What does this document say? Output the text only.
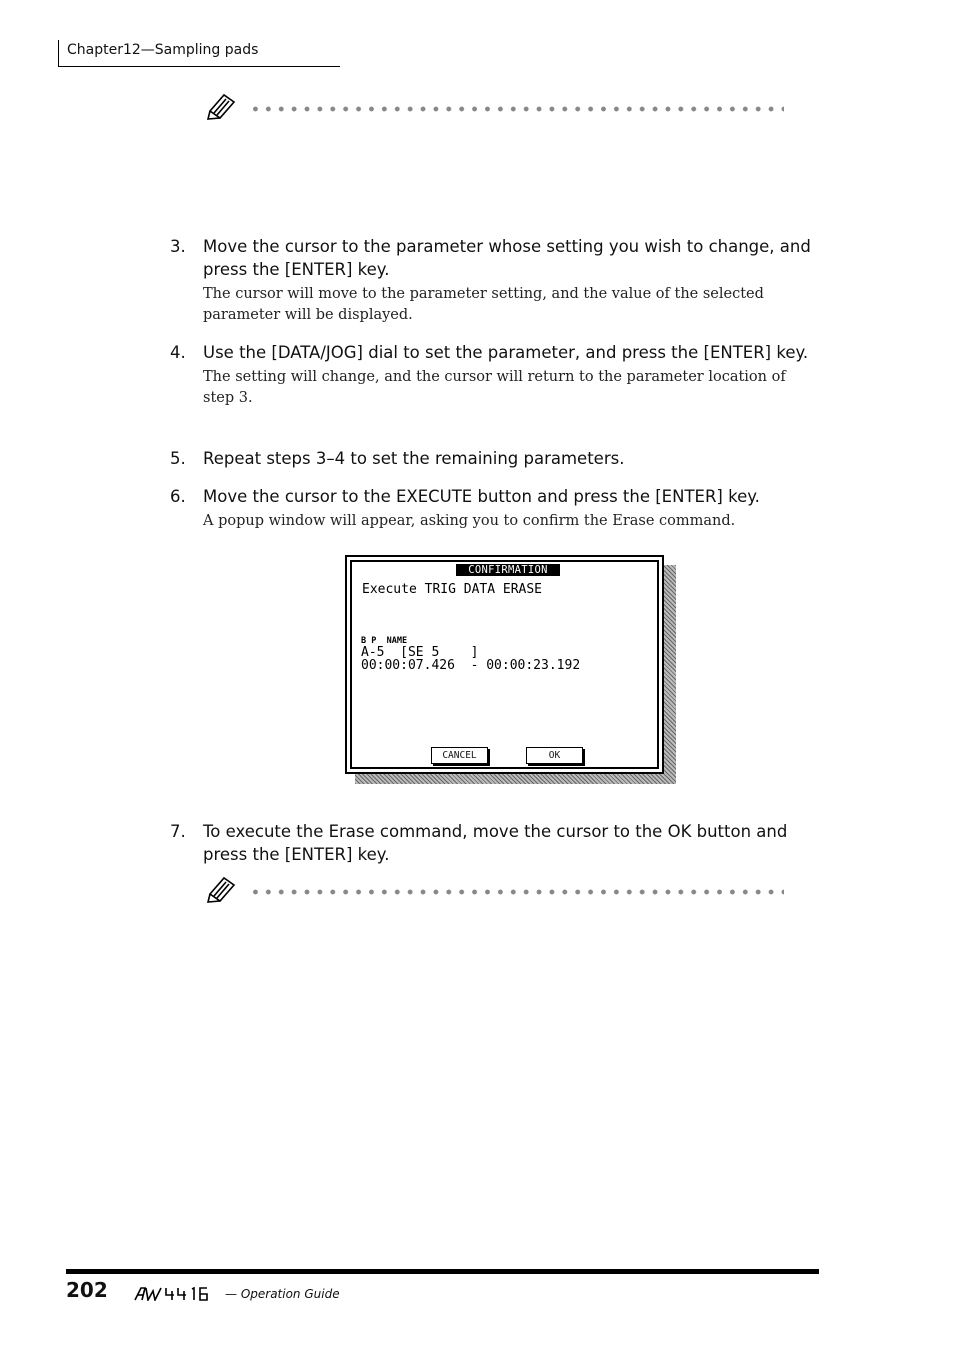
Chapter12—Sampling pads
3. Move the cursor to the parameter whose setting you wish to change, and press the [ENTER] key.
The cursor will move to the parameter setting, and the value of the selected parameter will be displayed.
4. Use the [DATA/JOG] dial to set the parameter, and press the [ENTER] key.
The setting will change, and the cursor will return to the parameter location of step 3.
5. Repeat steps 3–4 to set the remaining parameters.
6. Move the cursor to the EXECUTE button and press the [ENTER] key.
A popup window will appear, asking you to confirm the Erase command.
CONFIRMATION
Execute TRIG DATA ERASE
B P  NAME
A-5  [SE 5    ]
00:00:07.426  - 00:00:23.192
CANCEL	OK
7. To execute the Erase command, move the cursor to the OK button and press the [ENTER] key.
202	— Operation Guide
